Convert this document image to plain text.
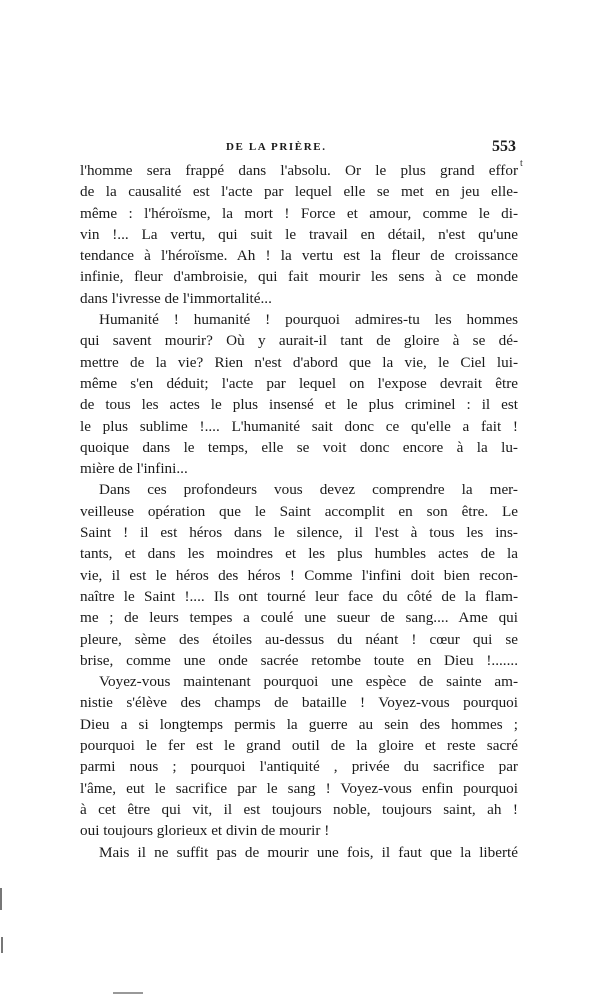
DE LA PRIÈRE.	553
t
l'homme sera frappé dans l'absolu. Or le plus grand effor
de la causalité est l'acte par lequel elle se met en jeu elle-
même : l'héroïsme, la mort ! Force et amour, comme le di-
vin !... La vertu, qui suit le travail en détail, n'est qu'une
tendance à l'héroïsme. Ah ! la vertu est la fleur de croissance
infinie, fleur d'ambroisie, qui fait mourir les sens à ce monde
dans l'ivresse de l'immortalité...
Humanité ! humanité ! pourquoi admires-tu les hommes
qui savent mourir? Où y aurait-il tant de gloire à se dé-
mettre de la vie? Rien n'est d'abord que la vie, le Ciel lui-
même s'en déduit; l'acte par lequel on l'expose devrait être
de tous les actes le plus insensé et le plus criminel : il est
le plus sublime !.... L'humanité sait donc ce qu'elle a fait !
quoique dans le temps, elle se voit donc encore à la lu-
mière de l'infini...
Dans ces profondeurs vous devez comprendre la mer-
veilleuse opération que le Saint accomplit en son être. Le
Saint ! il est héros dans le silence, il l'est à tous les ins-
tants, et dans les moindres et les plus humbles actes de la
vie, il est le héros des héros ! Comme l'infini doit bien recon-
naître le Saint !.... Ils ont tourné leur face du côté de la flam-
me ; de leurs tempes a coulé une sueur de sang.... Ame qui
pleure, sème des étoiles au-dessus du néant ! cœur qui se
brise, comme une onde sacrée retombe toute en Dieu !.......
Voyez-vous maintenant pourquoi une espèce de sainte am-
nistie s'élève des champs de bataille ! Voyez-vous pourquoi
Dieu a si longtemps permis la guerre au sein des hommes ;
pourquoi le fer est le grand outil de la gloire et reste sacré
parmi nous ; pourquoi l'antiquité , privée du sacrifice par
l'âme, eut le sacrifice par le sang ! Voyez-vous enfin pourquoi
à cet être qui vit, il est toujours noble, toujours saint, ah !
oui toujours glorieux et divin de mourir !
Mais il ne suffit pas de mourir une fois, il faut que la liberté
